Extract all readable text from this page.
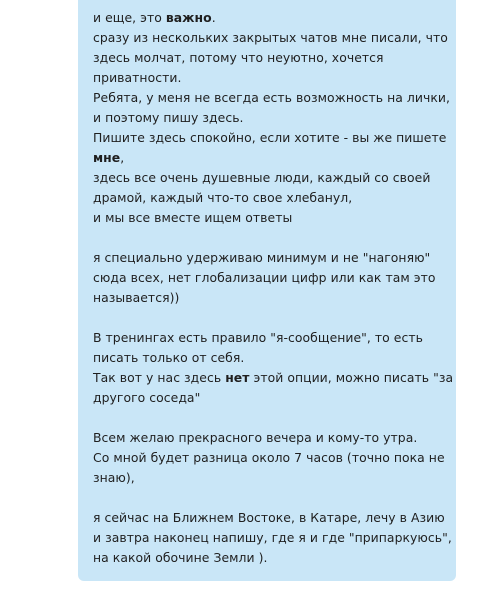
и еще, это важно.
сразу из нескольких закрытых чатов мне писали, что
здесь молчат, потому что неуютно, хочется
приватности.
Ребята, у меня не всегда есть возможность на лички,
и поэтому пишу здесь.
Пишите здесь спокойно, если хотите - вы же пишете
мне,
здесь все очень душевные люди, каждый со своей
драмой, каждый что-то свое хлебанул,
и мы все вместе ищем ответы
я специально удерживаю минимум и не "нагоняю"
сюда всех, нет глобализации цифр или как там это
называется))
В тренингах есть правило "я-сообщение", то есть
писать только от себя.
Так вот у нас здесь нет этой опции, можно писать "за
другого соседа"
Всем желаю прекрасного вечера и кому-то утра.
Со мной будет разница около 7 часов (точно пока не
знаю),
я сейчас на Ближнем Востоке, в Катаре, лечу в Азию
и завтра наконец напишу, где я и где "припаркуюсь",
на какой обочине Земли ).
